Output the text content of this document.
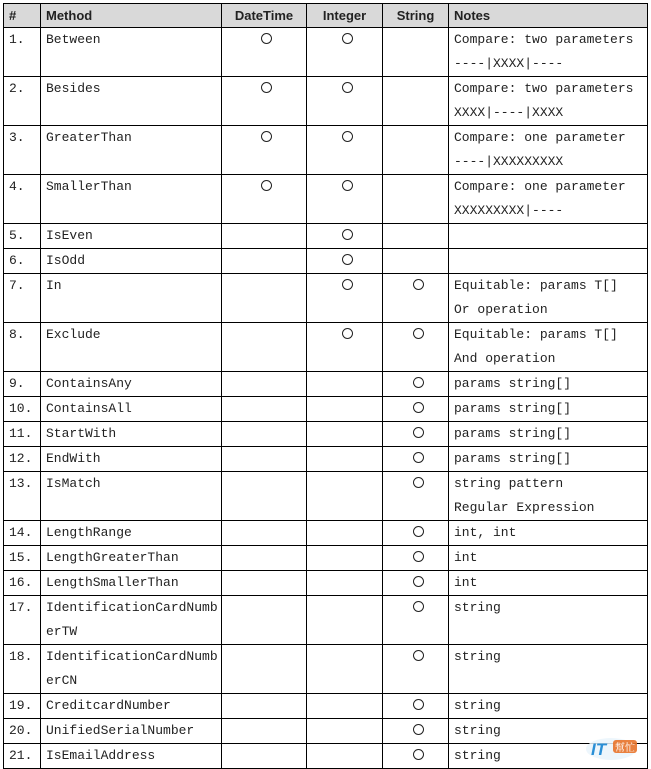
#	Method	DateTime	Integer	String	Notes
1.	Between				Compare: two parameters
----|XXXX|----

2.	Besides				Compare: two parameters
XXXX|----|XXXX

3.	GreaterThan				Compare: one parameter
----|XXXXXXXXX

4.	SmallerThan				Compare: one parameter
XXXXXXXXX|----

5.	IsEven				
6.	IsOdd				
7.	In				Equitable: params T[]
Or operation

8.	Exclude				Equitable: params T[]
And operation

9.	ContainsAny				params string[]

10.	ContainsAll				params string[]

11.	StartWith				params string[]

12.	EndWith				params string[]

13.	IsMatch				string pattern
Regular Expression

14.	LengthRange				int, int

15.	LengthGreaterThan				int

16.	LengthSmallerThan				int

17.	IdentificationCardNumberTW				string

18.	IdentificationCardNumberCN				string

19.	CreditcardNumber				string

20.	UnifiedSerialNumber				string

21.	IsEmailAddress				string	IT 幫忙
